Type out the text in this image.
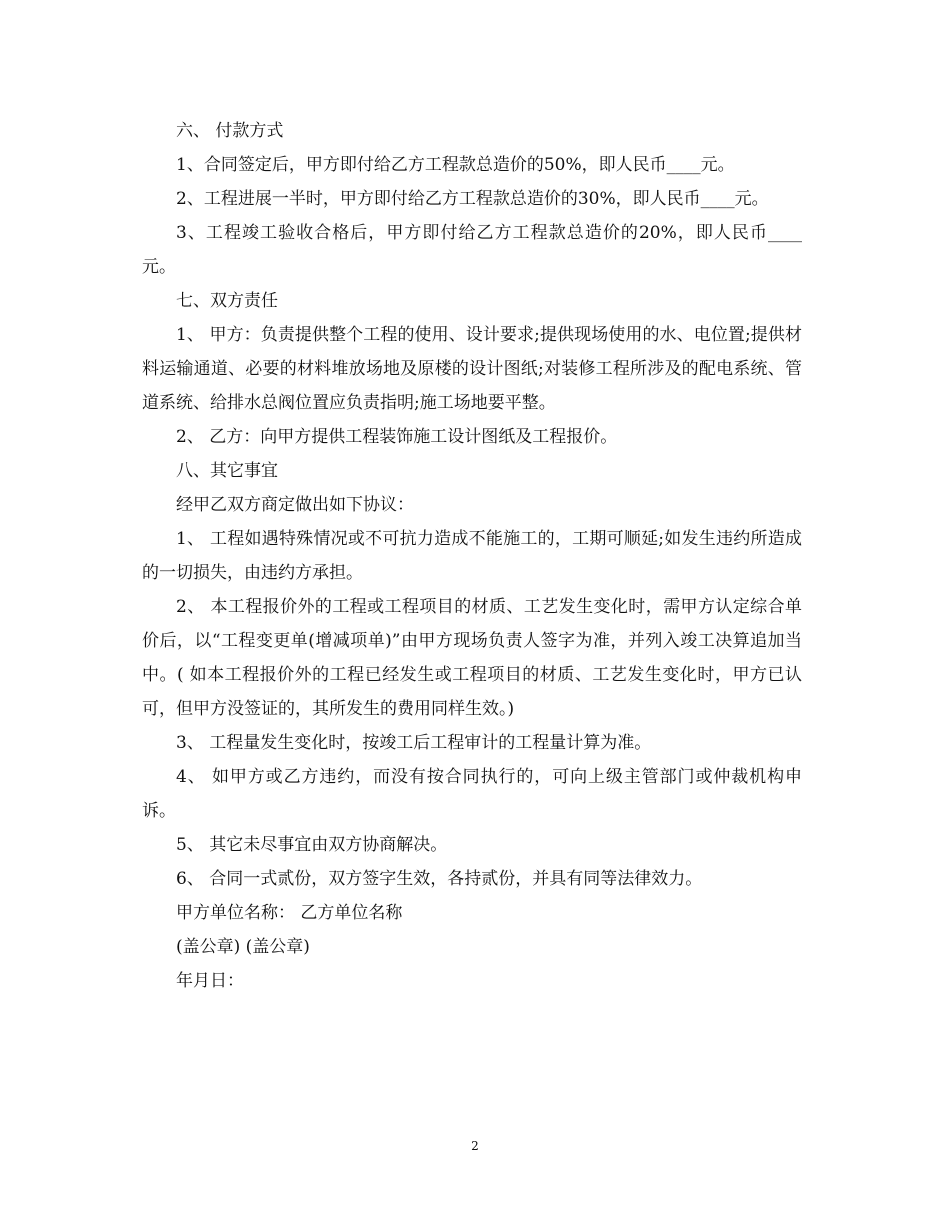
六、 付款方式

1、合同签定后，甲方即付给乙方工程款总造价的50%，即人民币____元。

2、工程进展一半时，甲方即付给乙方工程款总造价的30%，即人民币____元。

3、工程竣工验收合格后，甲方即付给乙方工程款总造价的20%，即人民币____元。

七、双方责任

1、 甲方：负责提供整个工程的使用、设计要求;提供现场使用的水、电位置;提供材料运输通道、必要的材料堆放场地及原楼的设计图纸;对装修工程所涉及的配电系统、管道系统、给排水总阀位置应负责指明;施工场地要平整。

2、 乙方：向甲方提供工程装饰施工设计图纸及工程报价。

八、其它事宜

经甲乙双方商定做出如下协议：

1、 工程如遇特殊情况或不可抗力造成不能施工的，工期可顺延;如发生违约所造成的一切损失，由违约方承担。

2、 本工程报价外的工程或工程项目的材质、工艺发生变化时，需甲方认定综合单价后，以“工程变更单(增减项单)”由甲方现场负责人签字为准，并列入竣工决算追加当中。( 如本工程报价外的工程已经发生或工程项目的材质、工艺发生变化时，甲方已认可，但甲方没签证的，其所发生的费用同样生效。)

3、 工程量发生变化时，按竣工后工程审计的工程量计算为准。

4、 如甲方或乙方违约，而没有按合同执行的，可向上级主管部门或仲裁机构申诉。

5、 其它未尽事宜由双方协商解决。

6、 合同一式贰份，双方签字生效，各持贰份，并具有同等法律效力。

甲方单位名称： 乙方单位名称

(盖公章) (盖公章)

年月日：

2
